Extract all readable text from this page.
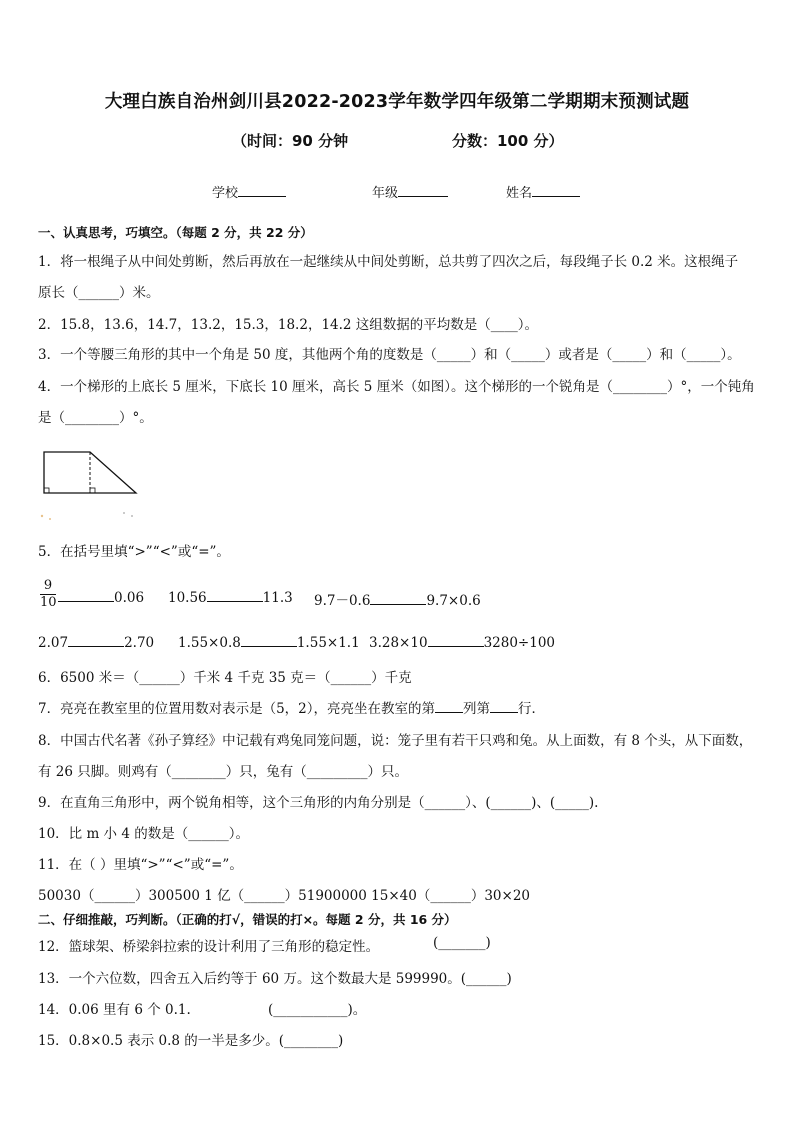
大理白族自治州剑川县2022-2023学年数学四年级第二学期期末预测试题
（时间：90 分钟	分数：100 分）
学校	年级	姓名
一、认真思考，巧填空。（每题 2 分，共 22 分）
1．将一根绳子从中间处剪断，然后再放在一起继续从中间处剪断，总共剪了四次之后，每段绳子长 0.2 米。这根绳子
原长（______）米。
2．15.8，13.6，14.7，13.2，15.3，18.2，14.2 这组数据的平均数是（____）。
3．一个等腰三角形的其中一个角是 50 度，其他两个角的度数是（_____）和（_____）或者是（_____）和（_____）。
4．一个梯形的上底长 5 厘米，下底长 10 厘米，高长 5 厘米（如图）。这个梯形的一个锐角是（________）°，一个钝角
是（________）°。
5．在括号里填“>”“<”或“=”。
9
10	0.06 10.56	11.3 9.7－0.6	9.7×0.6
2.07	2.70 1.55×0.8	1.55×1.1 3.28×10	3280÷100
6．6500 米＝（______）千米 4 千克 35 克＝（______）千克
7．亮亮在教室里的位置用数对表示是（5，2），亮亮坐在教室的第 列第 行．
8．中国古代名著《孙子算经》中记载有鸡兔同笼问题，说：笼子里有若干只鸡和兔。从上面数，有 8 个头，从下面数，
有 26 只脚。则鸡有（________）只，兔有（_________）只。
9．在直角三角形中，两个锐角相等，这个三角形的内角分别是（______）、(______)、(_____).
10．比 m 小 4 的数是（______）。
11．在（ ）里填“>”“<”或“=”。
50030（______）300500 1 亿（______）51900000 15×40（______）30×20
二、仔细推敲，巧判断。（正确的打√，错误的打×。每题 2 分，共 16 分）
12．篮球架、桥梁斜拉索的设计利用了三角形的稳定性。	(_______)
13．一个六位数，四舍五入后约等于 60 万。这个数最大是 599990。(______)
14．0.06 里有 6 个 0.1.	(___________)。
15．0.8×0.5 表示 0.8 的一半是多少。(________)
